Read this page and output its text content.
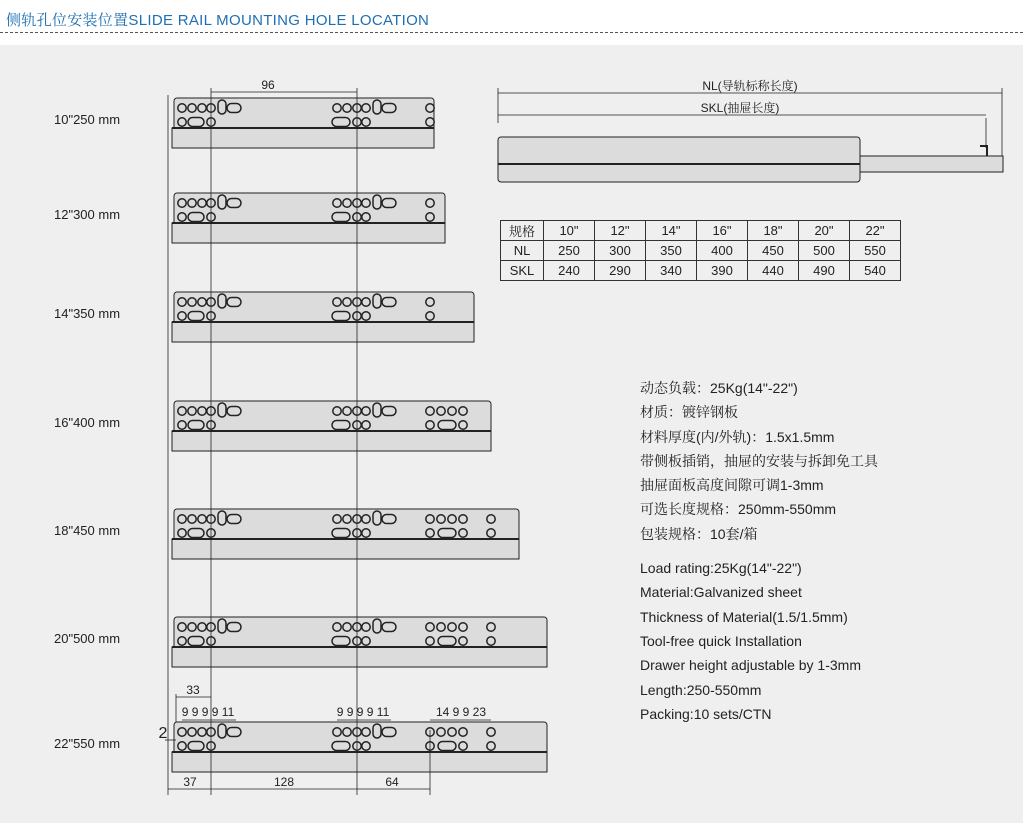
侧轨孔位安装位置SLIDE RAIL MOUNTING HOLE LOCATION
96
37	128	64
33
2
9 9 9 9 11	9 9 9 9 11	14 9 9 23
NL(导轨标称长度)
SKL(抽屉长度)
10"250 mm
12"300 mm
14"350 mm
16"400 mm
18"450 mm
20"500 mm
22"550 mm
规格	10"	12"	14"	16"	18"	20"	22"
NL	250	300	350	400	450	500	550
SKL	240	290	340	390	440	490	540
动态负载：25Kg(14"-22")
材质：镀锌钢板
材料厚度(内/外轨)：1.5x1.5mm
带侧板插销，抽屉的安装与拆卸免工具
抽屉面板高度间隙可调1-3mm
可选长度规格：250mm-550mm
包装规格：10套/箱
Load rating:25Kg(14"-22")
Material:Galvanized sheet
Thickness of Material(1.5/1.5mm)
Tool-free quick Installation
Drawer height adjustable by 1-3mm
Length:250-550mm
Packing:10 sets/CTN
